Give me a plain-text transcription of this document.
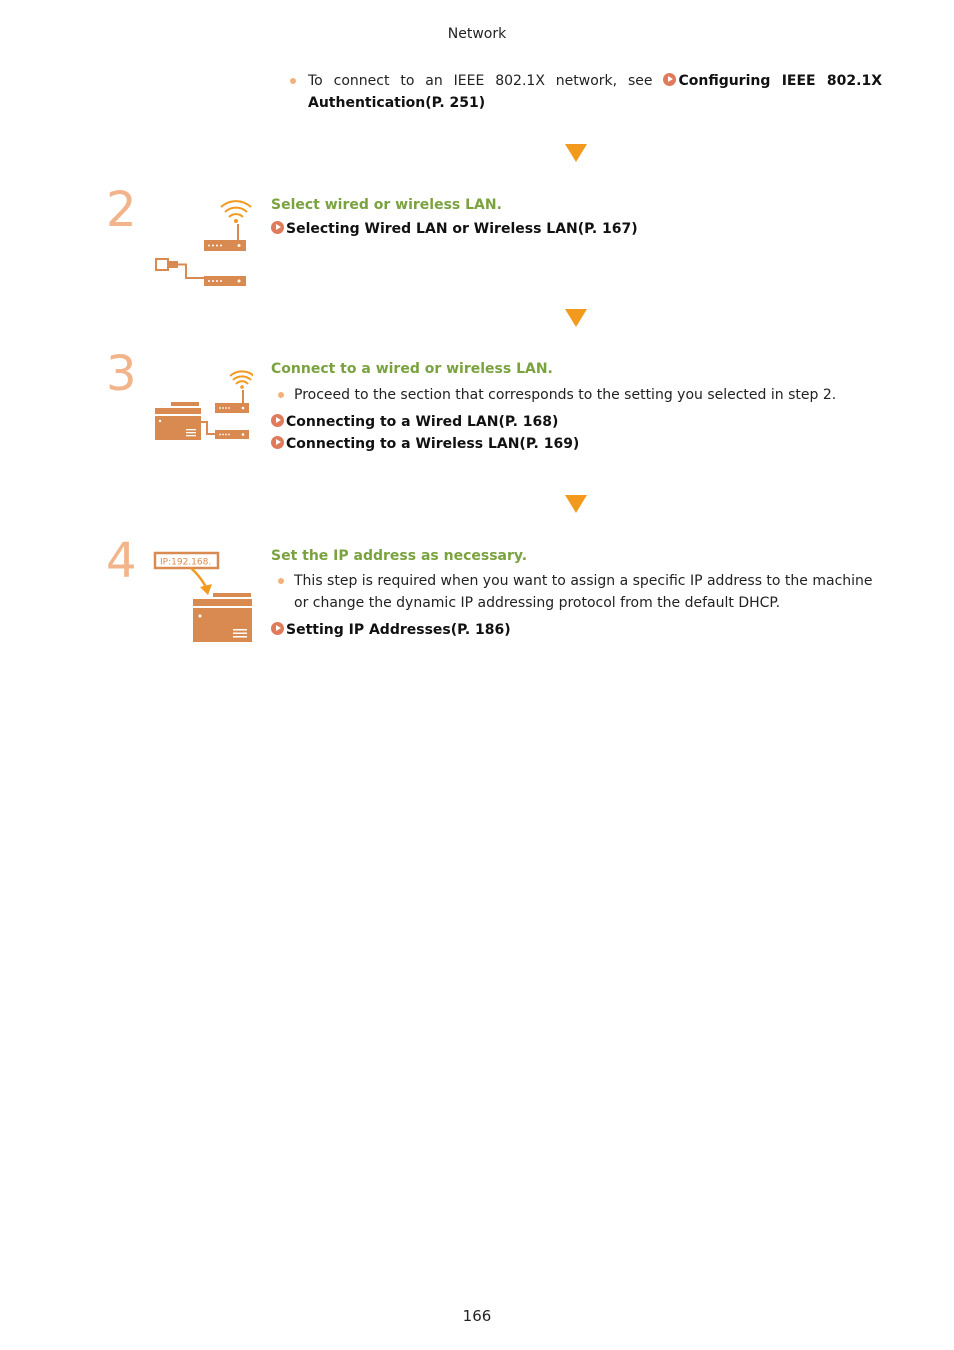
Network
To connect to an IEEE 802.1X network, see Configuring IEEE 802.1X Authentication(P. 251)
2	Select wired or wireless LAN.
Selecting Wired LAN or Wireless LAN(P. 167)
3	Connect to a wired or wireless LAN.
Proceed to the section that corresponds to the setting you selected in step 2.
Connecting to a Wired LAN(P. 168)
Connecting to a Wireless LAN(P. 169)
4	IP:192.168.	Set the IP address as necessary.
This step is required when you want to assign a specific IP address to the machine or change the dynamic IP addressing protocol from the default DHCP.
Setting IP Addresses(P. 186)
166
